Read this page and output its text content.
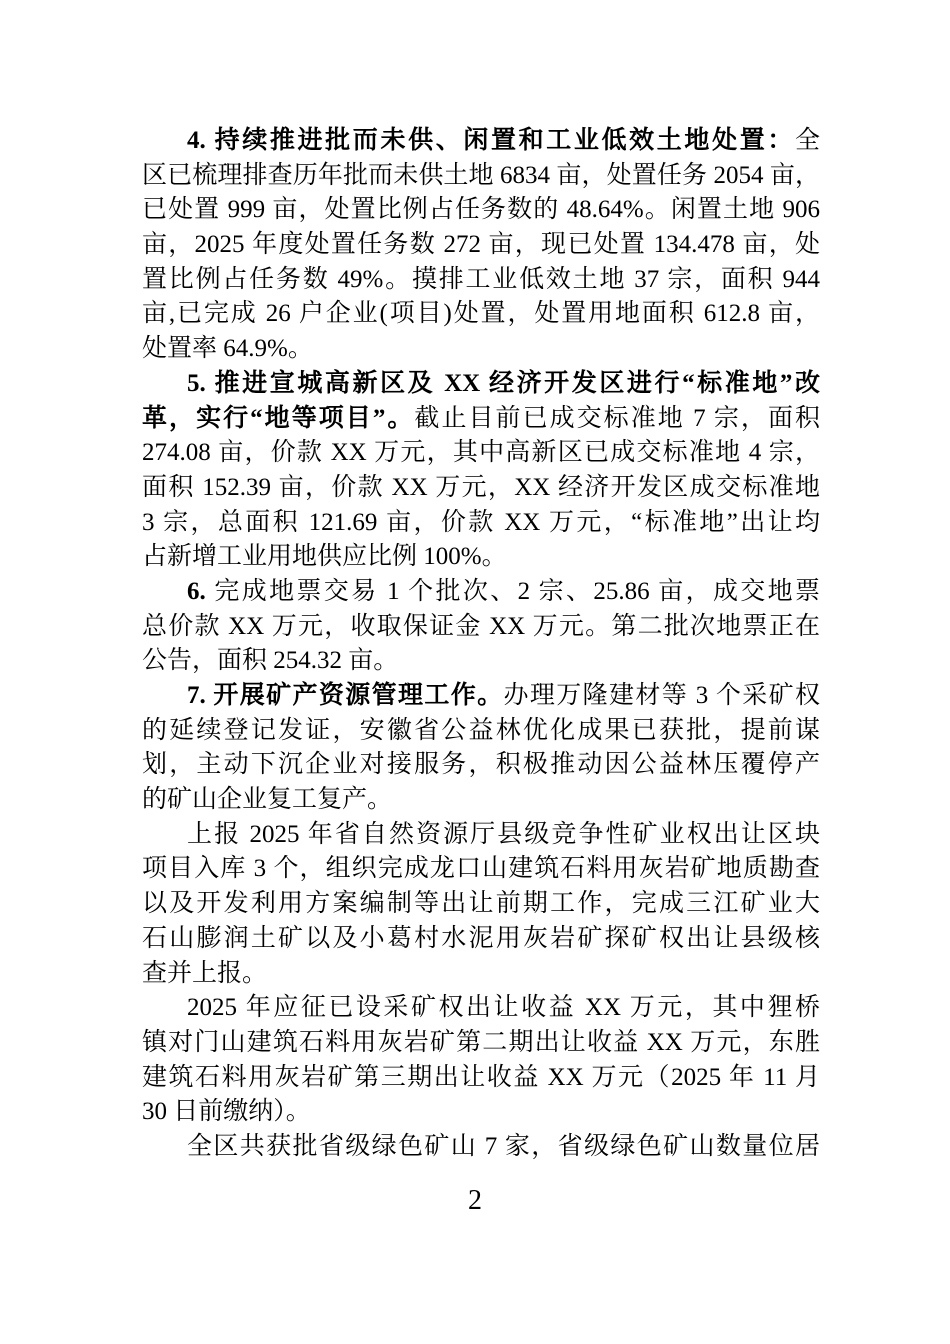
4. 持续推进批而未供、闲置和工业低效土地处置：全
区已梳理排查历年批而未供土地 6834 亩，处置任务 2054 亩，
已处置 999 亩，处置比例占任务数的 48.64%。闲置土地 906
亩，2025 年度处置任务数 272 亩，现已处置 134.478 亩，处
置比例占任务数 49%。摸排工业低效土地 37 宗，面积 944
亩,已完成 26 户企业(项目)处置，处置用地面积 612.8 亩，
处置率 64.9%。
5. 推进宣城高新区及 XX 经济开发区进行“标准地”改
革，实行“地等项目”。截止目前已成交标准地 7 宗，面积
274.08 亩，价款 XX 万元，其中高新区已成交标准地 4 宗，
面积 152.39 亩，价款 XX 万元，XX 经济开发区成交标准地
3 宗，总面积 121.69 亩，价款 XX 万元，“标准地”出让均
占新增工业用地供应比例 100%。
6. 完成地票交易 1 个批次、2 宗、25.86 亩，成交地票
总价款 XX 万元，收取保证金 XX 万元。第二批次地票正在
公告，面积 254.32 亩。
7. 开展矿产资源管理工作。办理万隆建材等 3 个采矿权
的延续登记发证，安徽省公益林优化成果已获批，提前谋
划，主动下沉企业对接服务，积极推动因公益林压覆停产
的矿山企业复工复产。
上报 2025 年省自然资源厅县级竞争性矿业权出让区块
项目入库 3 个，组织完成龙口山建筑石料用灰岩矿地质勘查
以及开发利用方案编制等出让前期工作，完成三江矿业大
石山膨润土矿以及小葛村水泥用灰岩矿探矿权出让县级核
查并上报。
2025 年应征已设采矿权出让收益 XX 万元，其中狸桥
镇对门山建筑石料用灰岩矿第二期出让收益 XX 万元，东胜
建筑石料用灰岩矿第三期出让收益 XX 万元（2025 年 11 月
30 日前缴纳）。
全区共获批省级绿色矿山 7 家，省级绿色矿山数量位居
2
